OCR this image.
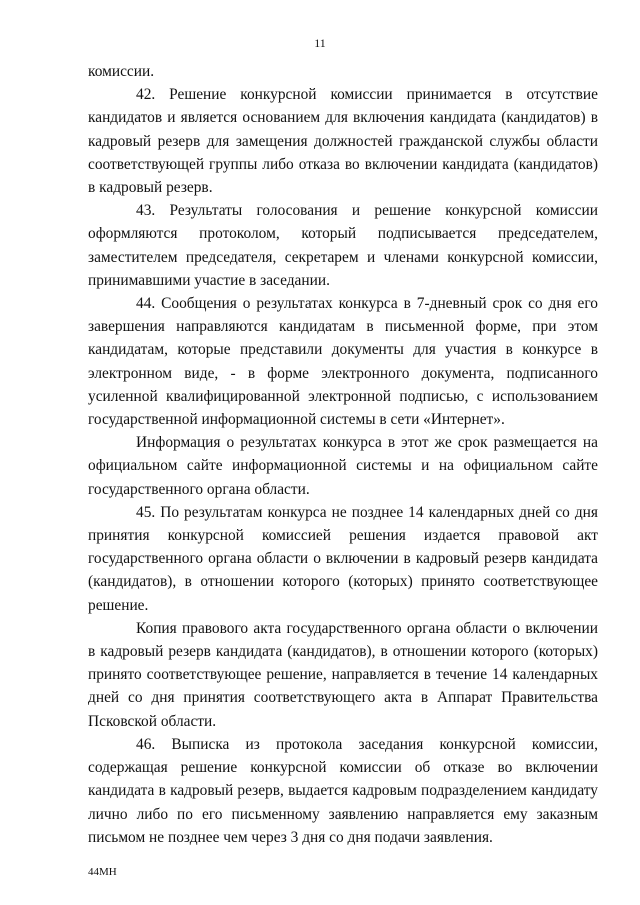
11

комиссии.

42. Решение конкурсной комиссии принимается в отсутствие кандидатов и является основанием для включения кандидата (кандидатов) в кадровый резерв для замещения должностей гражданской службы области соответствующей группы либо отказа во включении кандидата (кандидатов) в кадровый резерв.

43. Результаты голосования и решение конкурсной комиссии оформляются протоколом, который подписывается председателем, заместителем председателя, секретарем и членами конкурсной комиссии, принимавшими участие в заседании.

44. Сообщения о результатах конкурса в 7-дневный срок со дня его завершения направляются кандидатам в письменной форме, при этом кандидатам, которые представили документы для участия в конкурсе в электронном виде, - в форме электронного документа, подписанного усиленной квалифицированной электронной подписью, с использованием государственной информационной системы в сети «Интернет».

Информация о результатах конкурса в этот же срок размещается на официальном сайте информационной системы и на официальном сайте государственного органа области.

45. По результатам конкурса не позднее 14 календарных дней со дня принятия конкурсной комиссией решения издается правовой акт государственного органа области о включении в кадровый резерв кандидата (кандидатов), в отношении которого (которых) принято соответствующее решение.

Копия правового акта государственного органа области о включении в кадровый резерв кандидата (кандидатов), в отношении которого (которых) принято соответствующее решение, направляется в течение 14 календарных дней со дня принятия соответствующего акта в Аппарат Правительства Псковской области.

46. Выписка из протокола заседания конкурсной комиссии, содержащая решение конкурсной комиссии об отказе во включении кандидата в кадровый резерв, выдается кадровым подразделением кандидату лично либо по его письменному заявлению направляется ему заказным письмом не позднее чем через 3 дня со дня подачи заявления.

44МН
